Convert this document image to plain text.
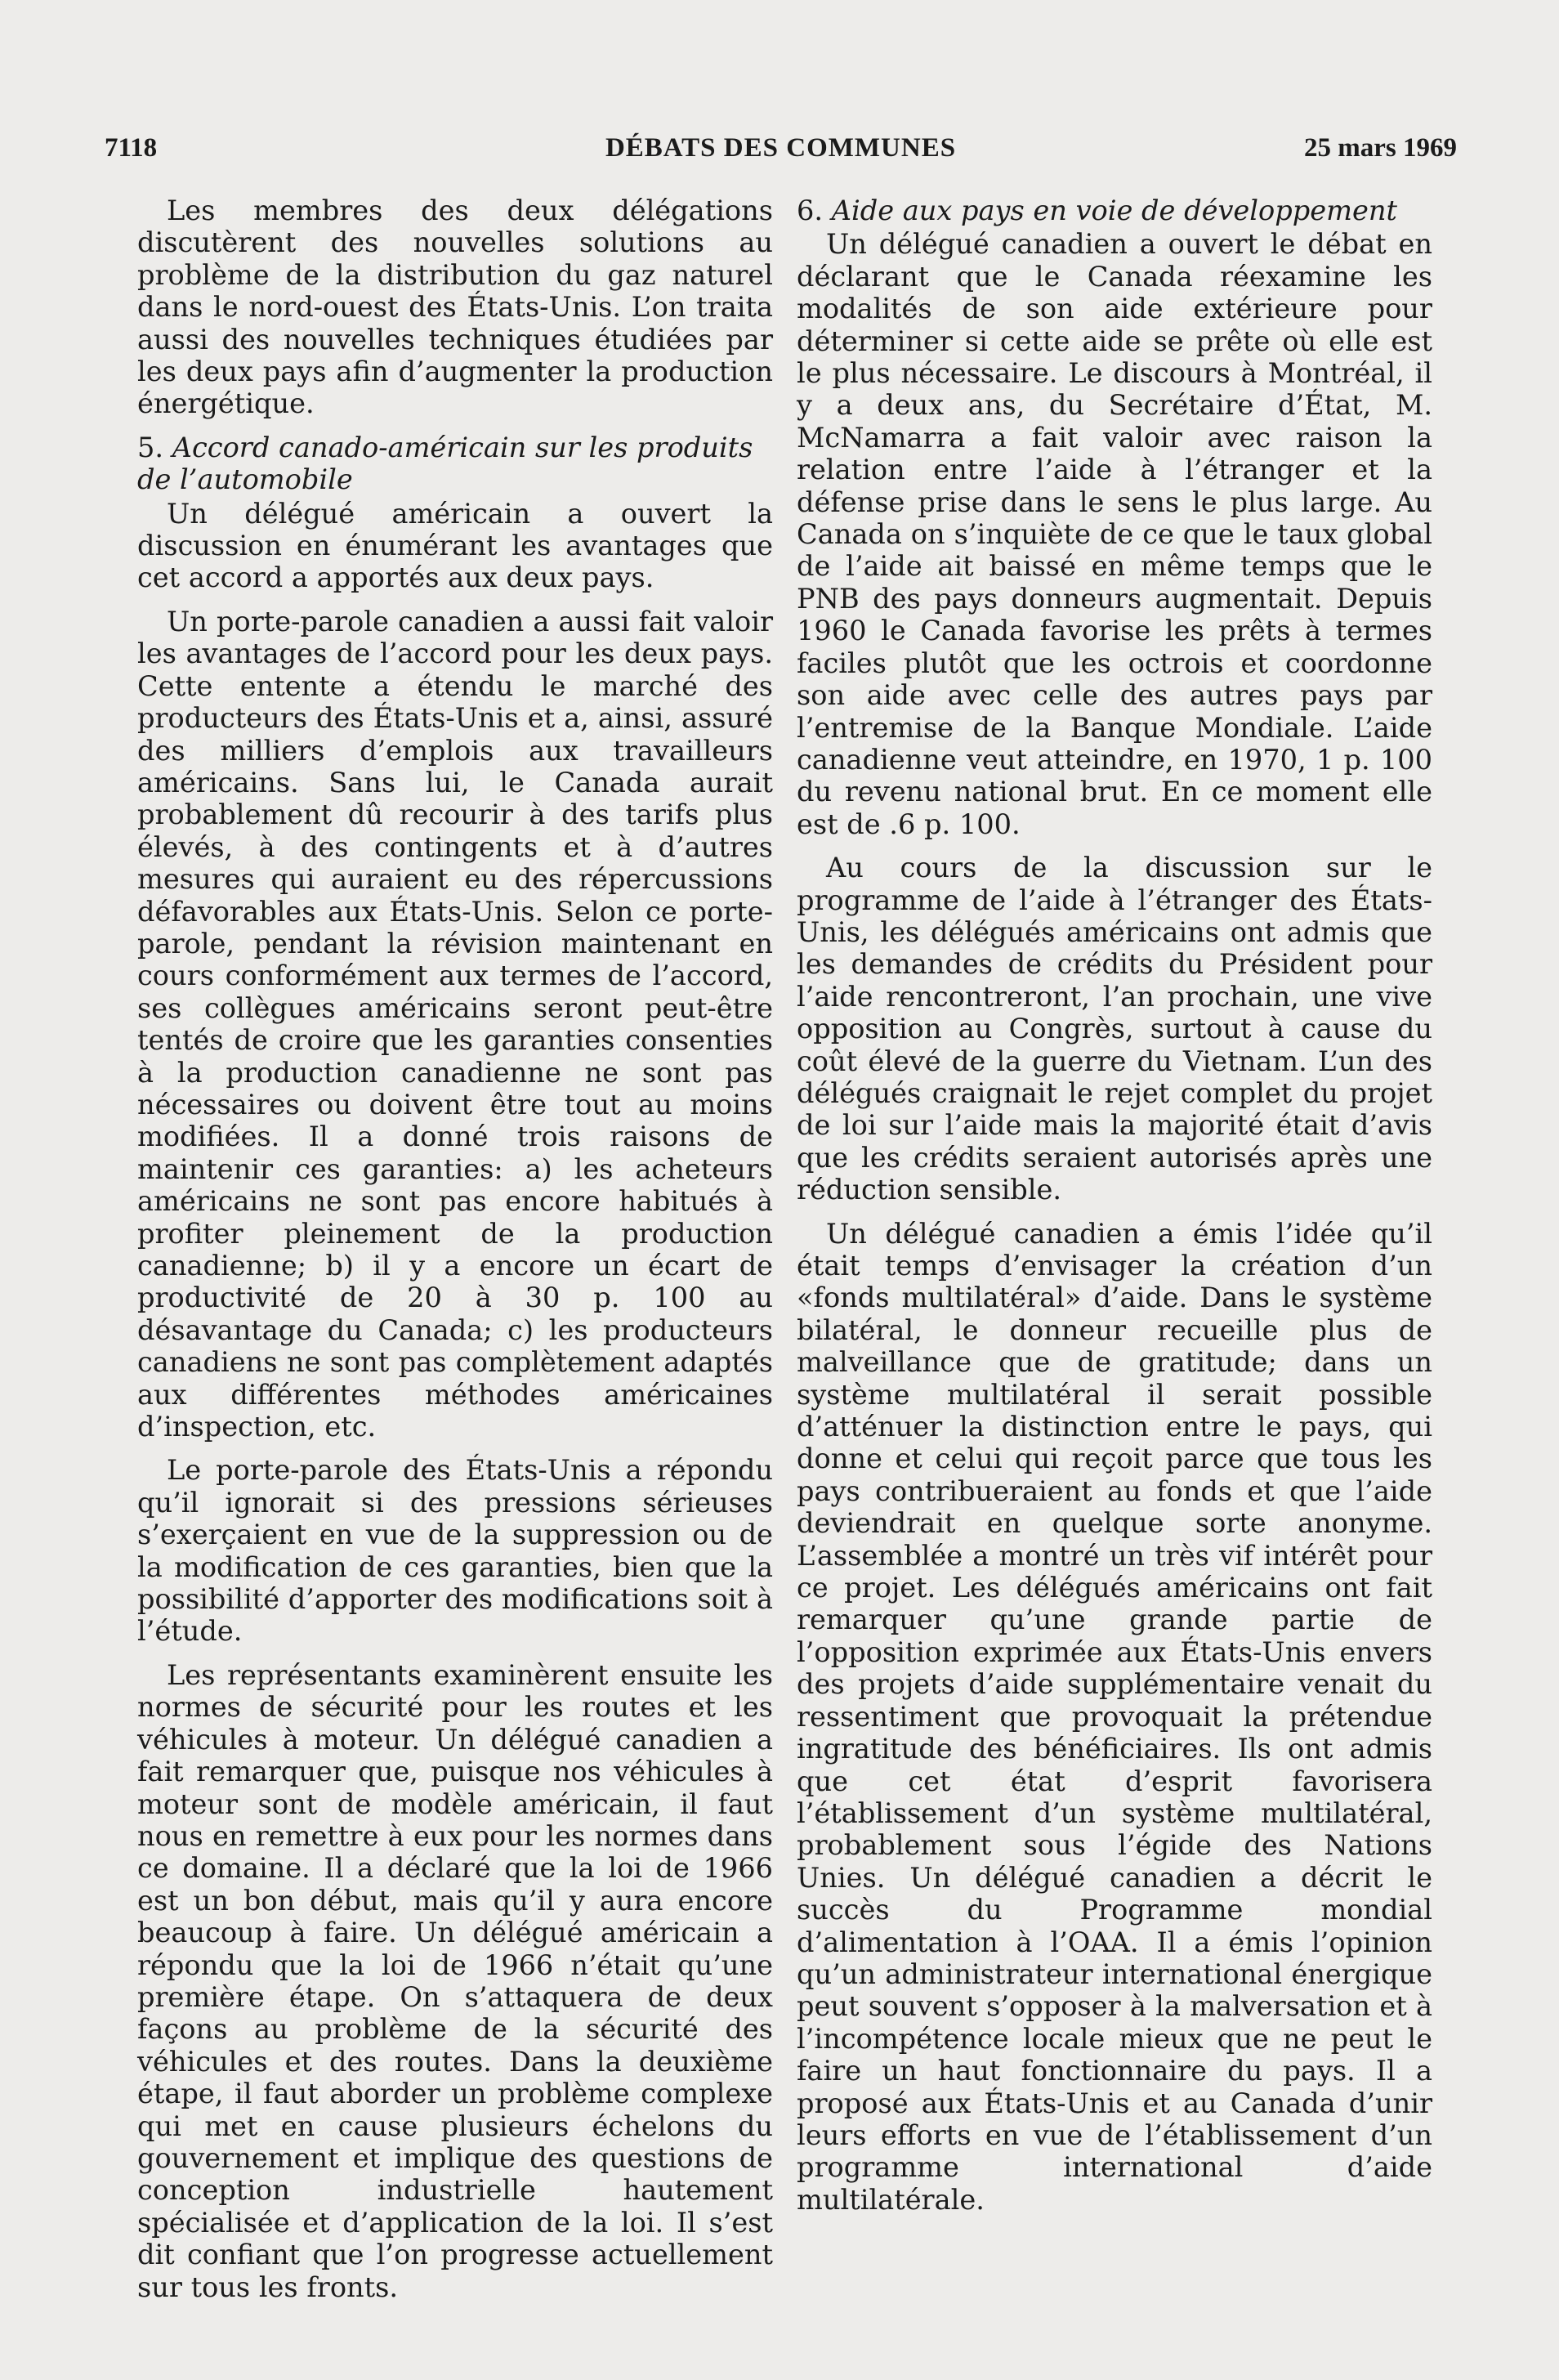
7118	DÉBATS DES COMMUNES	25 mars 1969

Les membres des deux délégations discutèrent des nouvelles solutions au problème de la distribution du gaz naturel dans le nord-ouest des États-Unis. L’on traita aussi des nouvelles techniques étudiées par les deux pays afin d’augmenter la production énergétique.

5. Accord canado-américain sur les produits de l’automobile

Un délégué américain a ouvert la discussion en énumérant les avantages que cet accord a apportés aux deux pays.

Un porte-parole canadien a aussi fait valoir les avantages de l’accord pour les deux pays. Cette entente a étendu le marché des producteurs des États-Unis et a, ainsi, assuré des milliers d’emplois aux travailleurs américains. Sans lui, le Canada aurait probablement dû recourir à des tarifs plus élevés, à des contingents et à d’autres mesures qui auraient eu des répercussions défavorables aux États-Unis. Selon ce porte-parole, pendant la révision maintenant en cours conformément aux termes de l’accord, ses collègues américains seront peut-être tentés de croire que les garanties consenties à la production canadienne ne sont pas nécessaires ou doivent être tout au moins modifiées. Il a donné trois raisons de maintenir ces garanties: a) les acheteurs américains ne sont pas encore habitués à profiter pleinement de la production canadienne; b) il y a encore un écart de productivité de 20 à 30 p. 100 au désavantage du Canada; c) les producteurs canadiens ne sont pas complètement adaptés aux différentes méthodes américaines d’inspection, etc.

Le porte-parole des États-Unis a répondu qu’il ignorait si des pressions sérieuses s’exerçaient en vue de la suppression ou de la modification de ces garanties, bien que la possibilité d’apporter des modifications soit à l’étude.

Les représentants examinèrent ensuite les normes de sécurité pour les routes et les véhicules à moteur. Un délégué canadien a fait remarquer que, puisque nos véhicules à moteur sont de modèle américain, il faut nous en remettre à eux pour les normes dans ce domaine. Il a déclaré que la loi de 1966 est un bon début, mais qu’il y aura encore beaucoup à faire. Un délégué américain a répondu que la loi de 1966 n’était qu’une première étape. On s’attaquera de deux façons au problème de la sécurité des véhicules et des routes. Dans la deuxième étape, il faut aborder un problème complexe qui met en cause plusieurs échelons du gouvernement et implique des questions de conception industrielle hautement spécialisée et d’application de la loi. Il s’est dit confiant que l’on progresse actuellement sur tous les fronts.

6. Aide aux pays en voie de développement

Un délégué canadien a ouvert le débat en déclarant que le Canada réexamine les modalités de son aide extérieure pour déterminer si cette aide se prête où elle est le plus nécessaire. Le discours à Montréal, il y a deux ans, du Secrétaire d’État, M. McNamarra a fait valoir avec raison la relation entre l’aide à l’étranger et la défense prise dans le sens le plus large. Au Canada on s’inquiète de ce que le taux global de l’aide ait baissé en même temps que le PNB des pays donneurs augmentait. Depuis 1960 le Canada favorise les prêts à termes faciles plutôt que les octrois et coordonne son aide avec celle des autres pays par l’entremise de la Banque Mondiale. L’aide canadienne veut atteindre, en 1970, 1 p. 100 du revenu national brut. En ce moment elle est de .6 p. 100.

Au cours de la discussion sur le programme de l’aide à l’étranger des États-Unis, les délégués américains ont admis que les demandes de crédits du Président pour l’aide rencontreront, l’an prochain, une vive opposition au Congrès, surtout à cause du coût élevé de la guerre du Vietnam. L’un des délégués craignait le rejet complet du projet de loi sur l’aide mais la majorité était d’avis que les crédits seraient autorisés après une réduction sensible.

Un délégué canadien a émis l’idée qu’il était temps d’envisager la création d’un «fonds multilatéral» d’aide. Dans le système bilatéral, le donneur recueille plus de malveillance que de gratitude; dans un système multilatéral il serait possible d’atténuer la distinction entre le pays, qui donne et celui qui reçoit parce que tous les pays contribueraient au fonds et que l’aide deviendrait en quelque sorte anonyme. L’assemblée a montré un très vif intérêt pour ce projet. Les délégués américains ont fait remarquer qu’une grande partie de l’opposition exprimée aux États-Unis envers des projets d’aide supplémentaire venait du ressentiment que provoquait la prétendue ingratitude des bénéficiaires. Ils ont admis que cet état d’esprit favorisera l’établissement d’un système multilatéral, probablement sous l’égide des Nations Unies. Un délégué canadien a décrit le succès du Programme mondial d’alimentation à l’OAA. Il a émis l’opinion qu’un administrateur international énergique peut souvent s’opposer à la malversation et à l’incompétence locale mieux que ne peut le faire un haut fonctionnaire du pays. Il a proposé aux États-Unis et au Canada d’unir leurs efforts en vue de l’établissement d’un programme international d’aide multilatérale.
